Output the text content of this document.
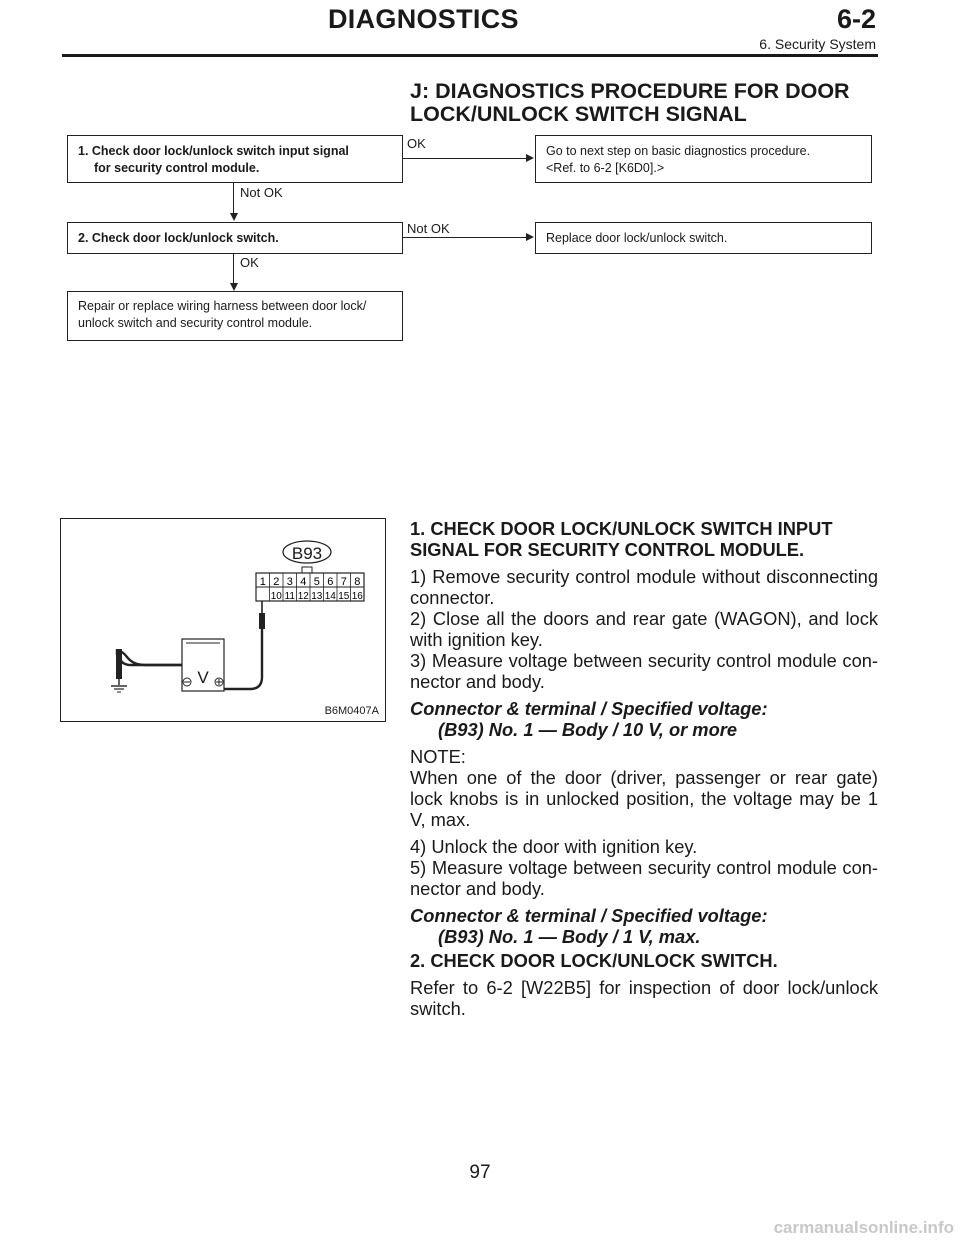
DIAGNOSTICS	6-2
6. Security System
J: DIAGNOSTICS PROCEDURE FOR DOOR
LOCK/UNLOCK SWITCH SIGNAL
1. Check door lock/unlock switch input signal
for security control module.
OK	Go to next step on basic diagnostics procedure.
<Ref. to 6-2 [K6D0].>
Not OK
2. Check door lock/unlock switch.
Not OK
Replace door lock/unlock switch.
OK
Repair or replace wiring harness between door lock/
unlock switch and security control module.
B93
1 2 3 4 5 6 7 8
10 11 12 13 14 15 16
V
B6M0407A

1. CHECK DOOR LOCK/UNLOCK SWITCH INPUT

SIGNAL FOR SECURITY CONTROL MODULE.

1) Remove security control module without disconnecting connector.

2) Close all the doors and rear gate (WAGON), and lock with ignition key.

3) Measure voltage between security control module con-nector and body.

Connector & terminal / Specified voltage:

(B93) No. 1 — Body / 10 V, or more

NOTE:

When one of the door (driver, passenger or rear gate) lock knobs is in unlocked position, the voltage may be 1 V, max.

4) Unlock the door with ignition key.

5) Measure voltage between security control module con-nector and body.

Connector & terminal / Specified voltage:

(B93) No. 1 — Body / 1 V, max.

2. CHECK DOOR LOCK/UNLOCK SWITCH.

Refer to 6-2 [W22B5] for inspection of door lock/unlock switch.

97
carmanualsonline.info
